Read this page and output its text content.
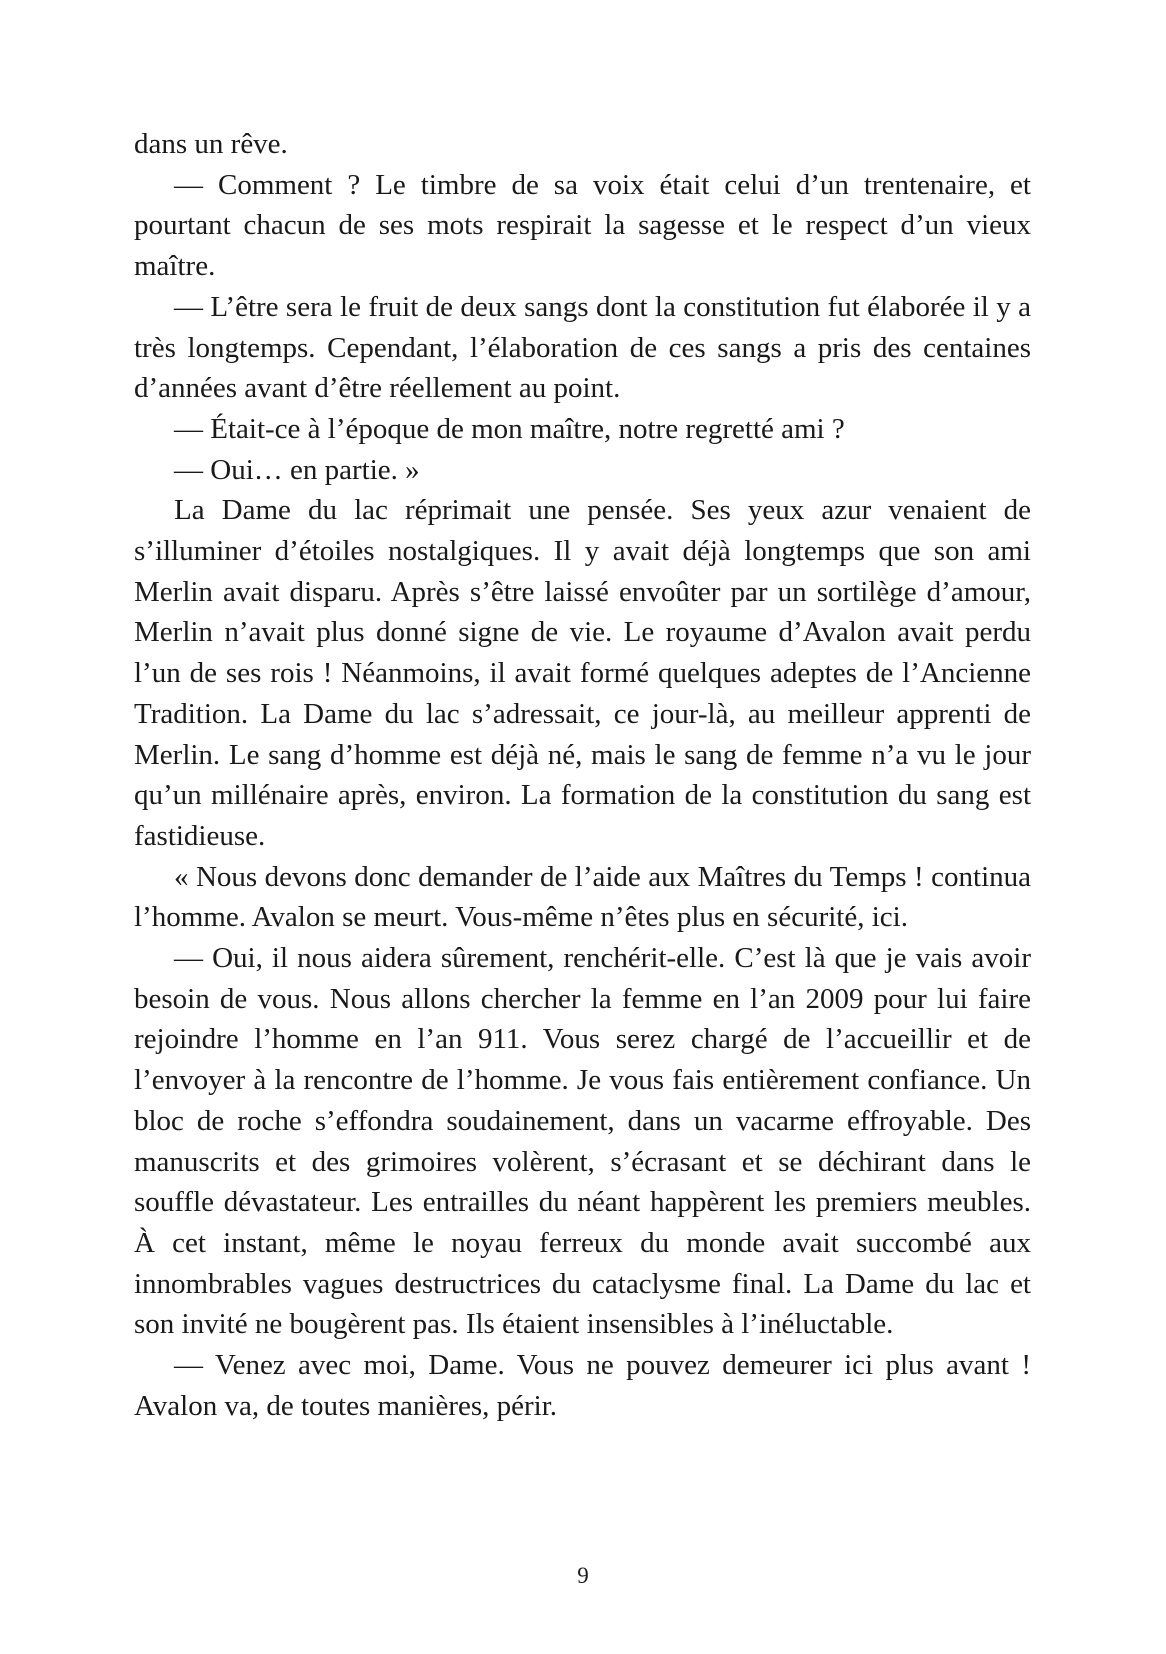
dans un rêve.

— Comment ? Le timbre de sa voix était celui d’un trentenaire, et pourtant chacun de ses mots respirait la sagesse et le respect d’un vieux maître.

— L’être sera le fruit de deux sangs dont la constitution fut élaborée il y a très longtemps. Cependant, l’élaboration de ces sangs a pris des centaines d’années avant d’être réellement au point.

— Était-ce à l’époque de mon maître, notre regretté ami ?

— Oui… en partie. »

La Dame du lac réprimait une pensée. Ses yeux azur venaient de s’illuminer d’étoiles nostalgiques. Il y avait déjà longtemps que son ami Merlin avait disparu. Après s’être laissé envoûter par un sortilège d’amour, Merlin n’avait plus donné signe de vie. Le royaume d’Avalon avait perdu l’un de ses rois ! Néanmoins, il avait formé quelques adeptes de l’Ancienne Tradition. La Dame du lac s’adressait, ce jour-là, au meilleur apprenti de Merlin. Le sang d’homme est déjà né, mais le sang de femme n’a vu le jour qu’un millénaire après, environ. La formation de la constitution du sang est fastidieuse.

« Nous devons donc demander de l’aide aux Maîtres du Temps ! continua l’homme. Avalon se meurt. Vous-même n’êtes plus en sécurité, ici.

— Oui, il nous aidera sûrement, renchérit-elle. C’est là que je vais avoir besoin de vous. Nous allons chercher la femme en l’an 2009 pour lui faire rejoindre l’homme en l’an 911. Vous serez chargé de l’accueillir et de l’envoyer à la rencontre de l’homme. Je vous fais entièrement confiance. Un bloc de roche s’effondra soudainement, dans un vacarme effroyable. Des manuscrits et des grimoires volèrent, s’écrasant et se déchirant dans le souffle dévastateur. Les entrailles du néant happèrent les premiers meubles. À cet instant, même le noyau ferreux du monde avait succombé aux innombrables vagues destructrices du cataclysme final. La Dame du lac et son invité ne bougèrent pas. Ils étaient insensibles à l’inéluctable.

— Venez avec moi, Dame. Vous ne pouvez demeurer ici plus avant ! Avalon va, de toutes manières, périr.

9
